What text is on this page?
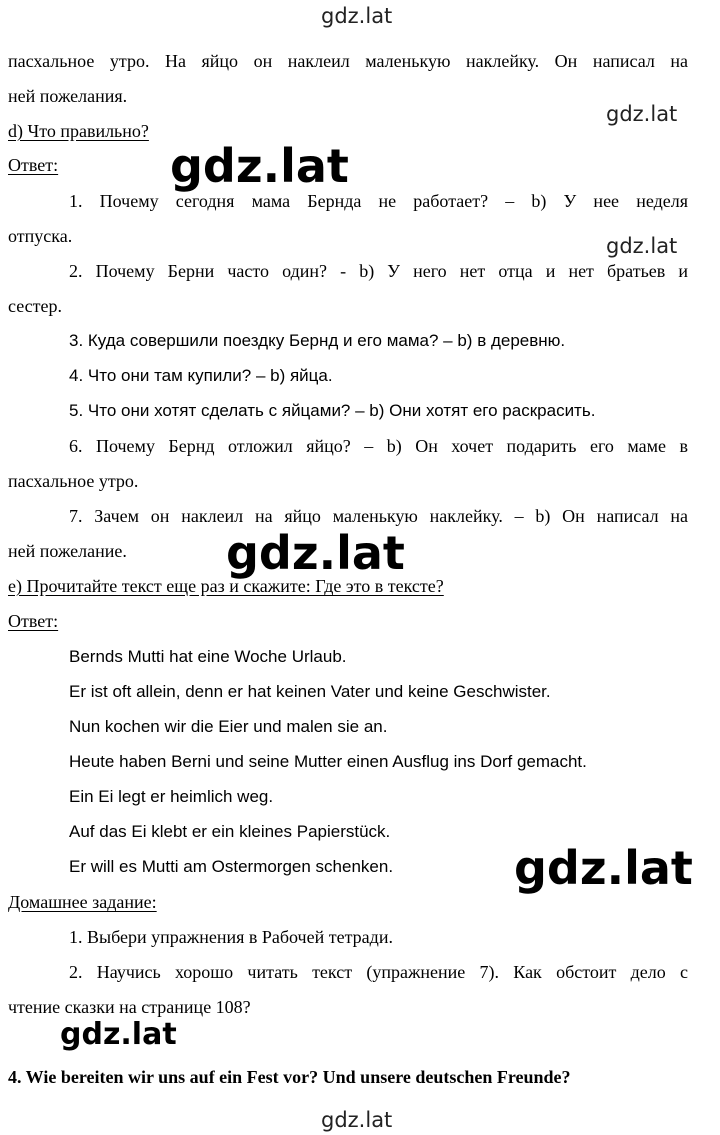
gdz.lat
gdz.lat
gdz.lat
gdz.lat
gdz.lat
gdz.lat
gdz.lat
gdz.lat
пасхальное утро. На яйцо он наклеил маленькую наклейку. Он написал на
ней пожелания.
d) Что правильно?
Ответ:
1. Почему сегодня мама Бернда не работает? – b) У нее неделя
отпуска.
2. Почему Берни часто один? - b) У него нет отца и нет братьев и
сестер.
3. Куда совершили поездку Бернд и его мама? – b) в деревню.
4. Что они там купили? – b) яйца.
5. Что они хотят сделать с яйцами? – b) Они хотят его раскрасить.
6. Почему Бернд отложил яйцо? – b) Он хочет подарить его маме в
пасхальное утро.
7. Зачем он наклеил на яйцо маленькую наклейку. – b) Он написал на
ней пожелание.
e) Прочитайте текст еще раз и скажите: Где это в тексте?
Ответ:
Bernds Mutti hat eine Woche Urlaub.
Er ist oft allein, denn er hat keinen Vater und keine Geschwister.
Nun kochen wir die Eier und malen sie an.
Heute haben Berni und seine Mutter einen Ausflug ins Dorf gemacht.
Ein Ei legt er heimlich weg.
Auf das Ei klebt er ein kleines Papierstück.
Er will es Mutti am Ostermorgen schenken.
Домашнее задание:
1. Выбери упражнения в Рабочей тетради.
2. Научись хорошо читать текст (упражнение 7). Как обстоит дело с
чтение сказки на странице 108?
4. Wie bereiten wir uns auf ein Fest vor? Und unsere deutschen Freunde?
